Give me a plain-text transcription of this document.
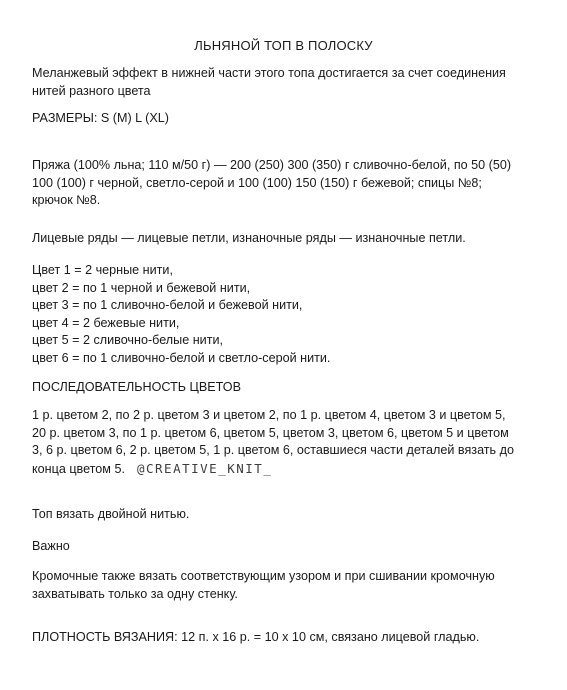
ЛЬНЯНОЙ ТОП В ПОЛОСКУ
Меланжевый эффект в нижней части этого топа достигается за счет соединения
нитей разного цвета
РАЗМЕРЫ: S (M) L (XL)
Пряжа (100% льна; 110 м/50 г) — 200 (250) 300 (350) г сливочно-белой, по 50 (50)
100 (100) г черной, светло-серой и 100 (100) 150 (150) г бежевой; спицы №8;
крючок №8.
Лицевые ряды — лицевые петли, изнаночные ряды — изнаночные петли.
Цвет 1 = 2 черные нити,
цвет 2 = по 1 черной и бежевой нити,
цвет 3 = по 1 сливочно-белой и бежевой нити,
цвет 4 = 2 бежевые нити,
цвет 5 = 2 сливочно-белые нити,
цвет 6 = по 1 сливочно-белой и светло-серой нити.
ПОСЛЕДОВАТЕЛЬНОСТЬ ЦВЕТОВ
1 р. цветом 2, по 2 р. цветом 3 и цветом 2, по 1 р. цветом 4, цветом 3 и цветом 5,
20 р. цветом 3, по 1 р. цветом 6, цветом 5, цветом 3, цветом 6, цветом 5 и цветом
3, 6 р. цветом 6, 2 р. цветом 5, 1 р. цветом 6, оставшиеся части деталей вязать до
конца цветом 5. @CREATIVE_KNIT_
Топ вязать двойной нитью.
Важно
Кромочные также вязать соответствующим узором и при сшивании кромочную
захватывать только за одну стенку.
ПЛОТНОСТЬ ВЯЗАНИЯ: 12 п. х 16 р. = 10 х 10 см, связано лицевой гладью.
